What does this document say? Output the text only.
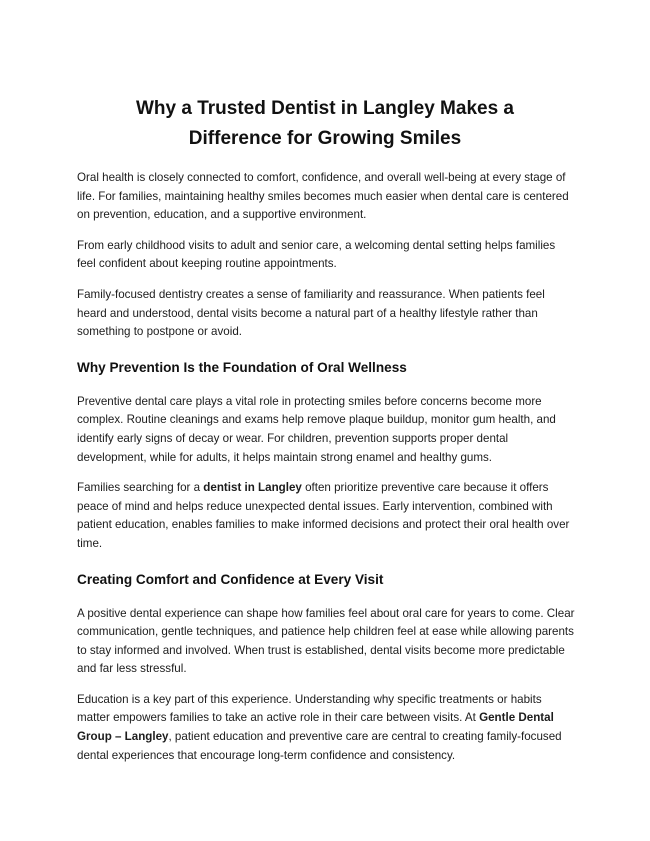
Why a Trusted Dentist in Langley Makes a
Difference for Growing Smiles

Oral health is closely connected to comfort, confidence, and overall well-being at every stage of life. For families, maintaining healthy smiles becomes much easier when dental care is centered on prevention, education, and a supportive environment.

From early childhood visits to adult and senior care, a welcoming dental setting helps families feel confident about keeping routine appointments.

Family-focused dentistry creates a sense of familiarity and reassurance. When patients feel heard and understood, dental visits become a natural part of a healthy lifestyle rather than something to postpone or avoid.

Why Prevention Is the Foundation of Oral Wellness

Preventive dental care plays a vital role in protecting smiles before concerns become more complex. Routine cleanings and exams help remove plaque buildup, monitor gum health, and identify early signs of decay or wear. For children, prevention supports proper dental development, while for adults, it helps maintain strong enamel and healthy gums.

Families searching for a dentist in Langley often prioritize preventive care because it offers peace of mind and helps reduce unexpected dental issues. Early intervention, combined with patient education, enables families to make informed decisions and protect their oral health over time.

Creating Comfort and Confidence at Every Visit

A positive dental experience can shape how families feel about oral care for years to come. Clear communication, gentle techniques, and patience help children feel at ease while allowing parents to stay informed and involved. When trust is established, dental visits become more predictable and far less stressful.

Education is a key part of this experience. Understanding why specific treatments or habits matter empowers families to take an active role in their care between visits. At Gentle Dental Group – Langley, patient education and preventive care are central to creating family-focused dental experiences that encourage long-term confidence and consistency.
